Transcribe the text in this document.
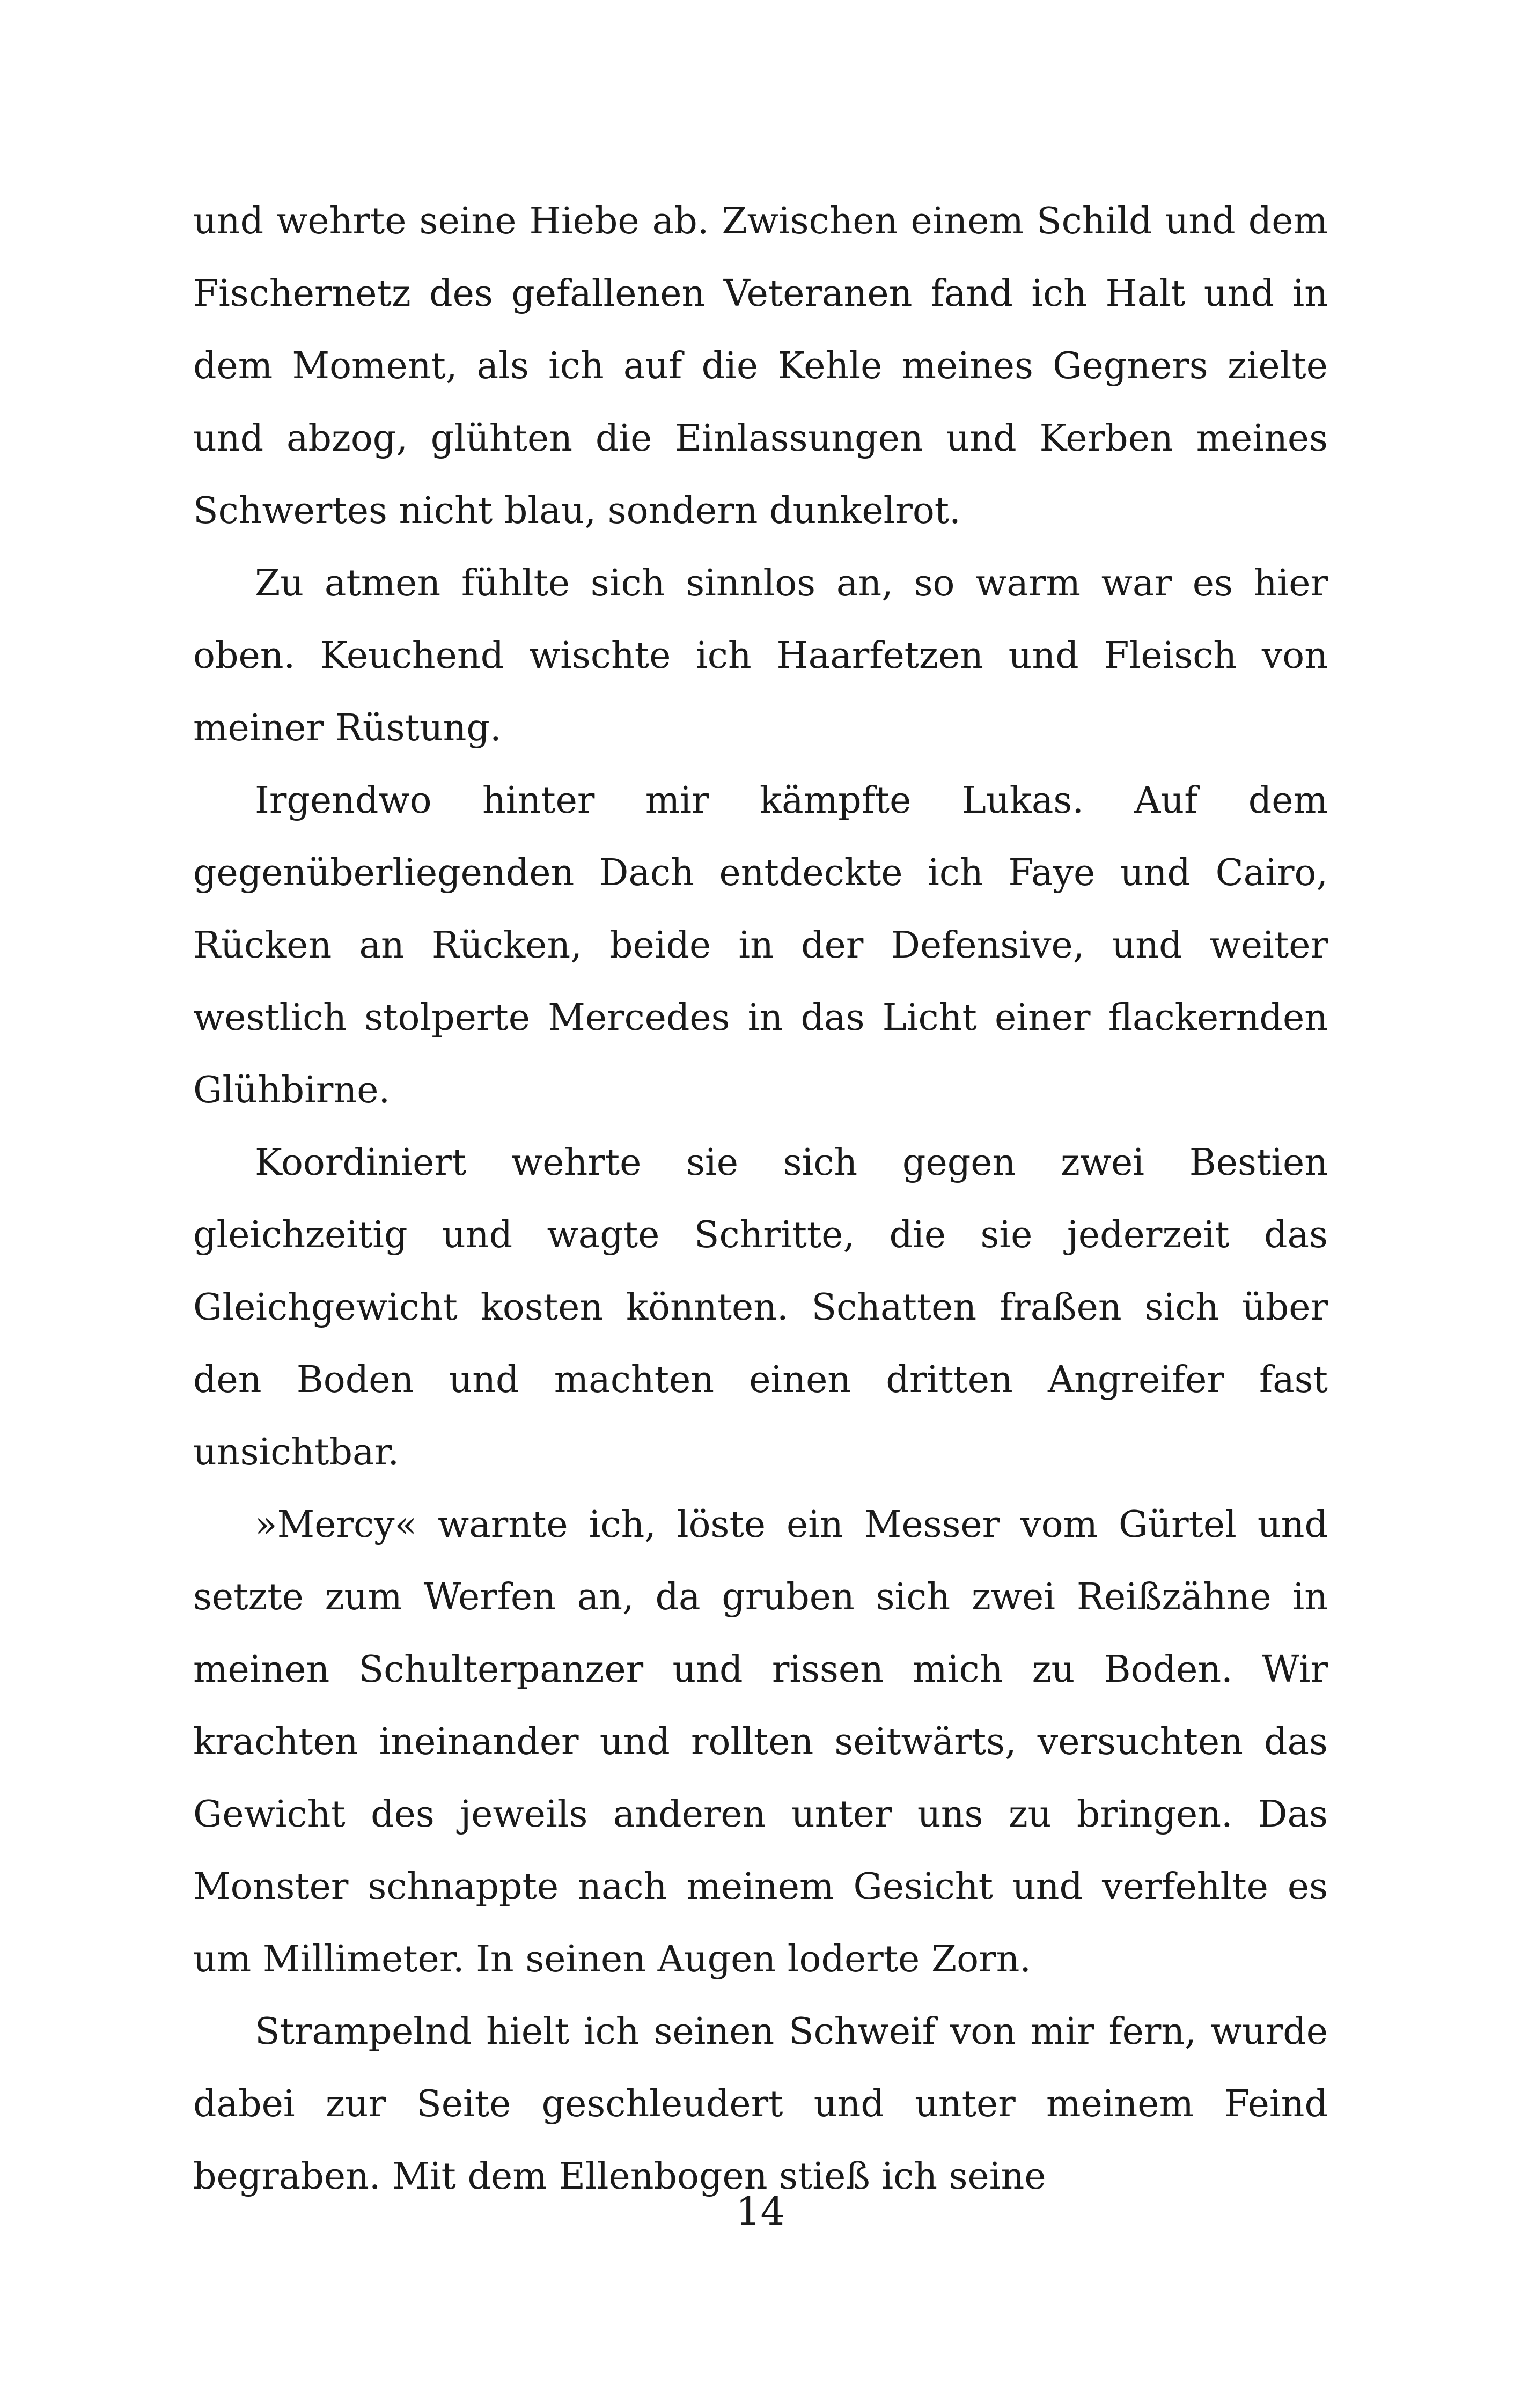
und wehrte seine Hiebe ab. Zwischen einem Schild und dem Fischernetz des gefallenen Veteranen fand ich Halt und in dem Moment, als ich auf die Kehle meines Gegners zielte und abzog, glühten die Einlassungen und Kerben meines Schwertes nicht blau, sondern dunkelrot.

Zu atmen fühlte sich sinnlos an, so warm war es hier oben. Keuchend wischte ich Haarfetzen und Fleisch von meiner Rüstung.

Irgendwo hinter mir kämpfte Lukas. Auf dem gegenüberliegenden Dach entdeckte ich Faye und Cairo, Rücken an Rücken, beide in der Defensive, und weiter westlich stolperte Mercedes in das Licht einer flackernden Glühbirne.

Koordiniert wehrte sie sich gegen zwei Bestien gleichzeitig und wagte Schritte, die sie jederzeit das Gleichgewicht kosten könnten. Schatten fraßen sich über den Boden und machten einen dritten Angreifer fast unsichtbar.

»Mercy« warnte ich, löste ein Messer vom Gürtel und setzte zum Werfen an, da gruben sich zwei Reißzähne in meinen Schulterpanzer und rissen mich zu Boden. Wir krachten ineinander und rollten seitwärts, versuchten das Gewicht des jeweils anderen unter uns zu bringen. Das Monster schnappte nach meinem Gesicht und verfehlte es um Millimeter. In seinen Augen loderte Zorn.

Strampelnd hielt ich seinen Schweif von mir fern, wurde dabei zur Seite geschleudert und unter meinem Feind begraben. Mit dem Ellenbogen stieß ich seine

14
